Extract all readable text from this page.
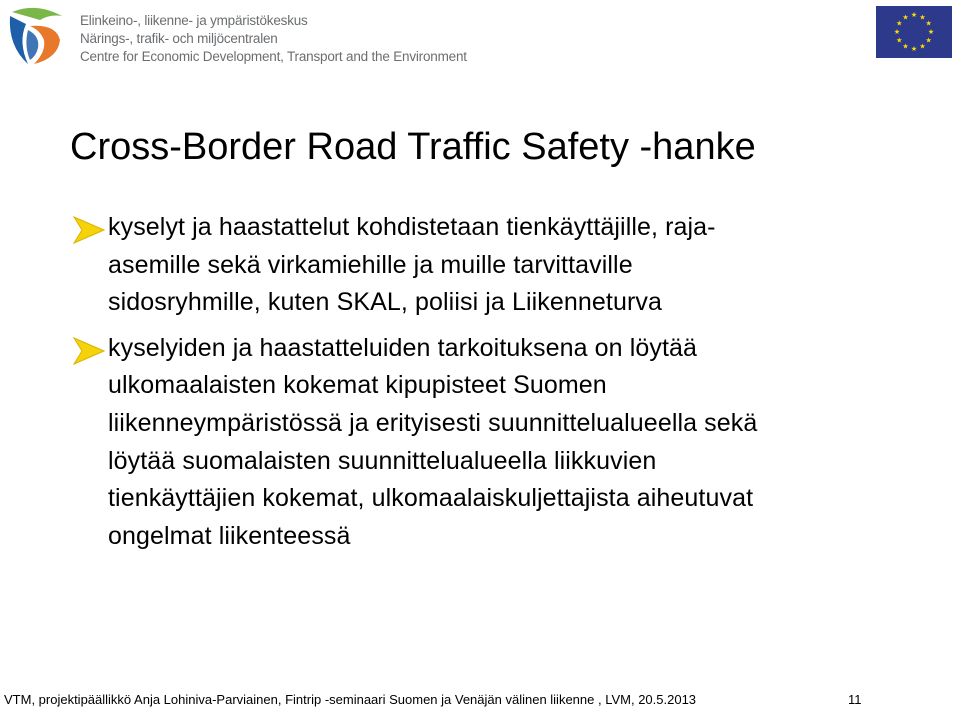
Elinkeino-, liikenne- ja ympäristökeskus
Närings-, trafik- och miljöcentralen
Centre for Economic Development, Transport and the Environment
★ ★
★
★
★
★
★
★
★
★
★
★
Cross-Border Road Traffic Safety -hanke
kyselyt ja haastattelut kohdistetaan tienkäyttäjille, raja-
asemille sekä virkamiehille ja muille tarvittaville
sidosryhmille, kuten SKAL, poliisi ja Liikenneturva
kyselyiden ja haastatteluiden tarkoituksena on löytää
ulkomaalaisten kokemat kipupisteet Suomen
liikenneympäristössä ja erityisesti suunnittelualueella sekä
löytää suomalaisten suunnittelualueella liikkuvien
tienkäyttäjien kokemat, ulkomaalaiskuljettajista aiheutuvat
ongelmat liikenteessä
VTM, projektipäällikkö Anja Lohiniva-Parviainen, Fintrip -seminaari Suomen ja Venäjän välinen liikenne , LVM, 20.5.2013	11
